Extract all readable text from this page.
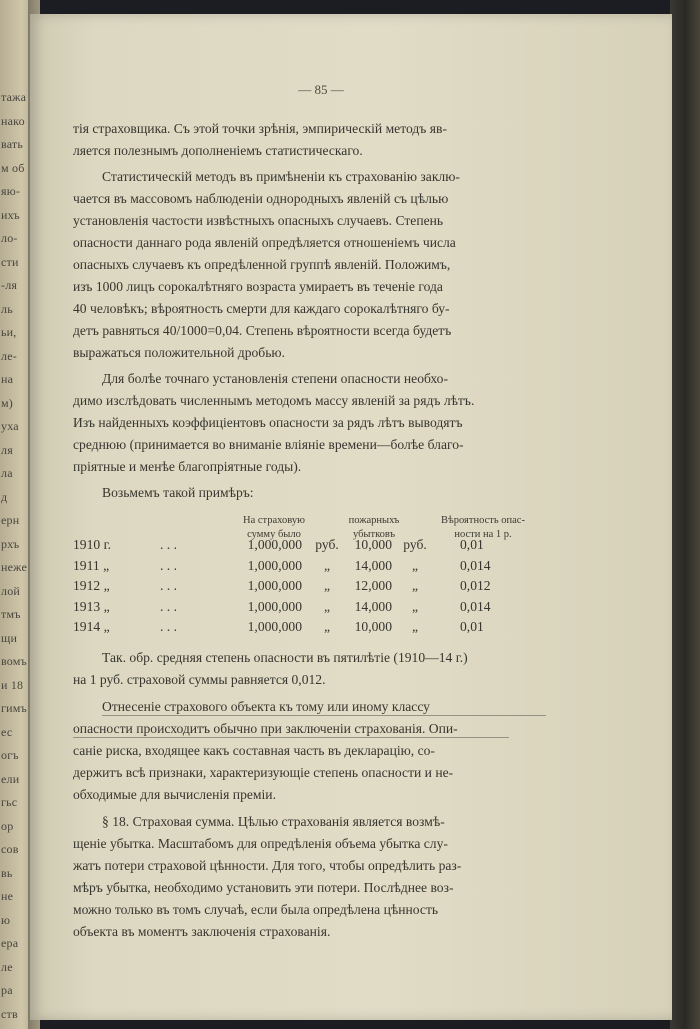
тажа
нако
вать
м об
яю-
ихъ
ло-
сти
-ля
ль
ьи,
ле-
на
м)
уха
ля
ла
д
ерн
рхъ
неже
лой
тмъ
щи
вомъ
и 18
гимъ
ес
огъ
ели
гьс
ор
сов
вь
не
ю
ера
ле
ра
ств
— 85 —
тія страховщика. Съ этой точки зрѣнія, эмпирическій методъ яв-
ляется полезнымъ дополненіемъ статистическаго.
Статистическій методъ въ примѣненіи къ страхованію заклю-
чается въ массовомъ наблюденіи однородныхъ явленій съ цѣлью
установленія частости извѣстныхъ опасныхъ случаевъ. Степень
опасности даннаго рода явленій опредѣляется отношеніемъ числа
опасныхъ случаевъ къ опредѣленной группѣ явленій. Положимъ,
изъ 1000 лицъ сорокалѣтняго возраста умираетъ въ теченіе года
40 человѣкъ; вѣроятность смерти для каждаго сорокалѣтняго бу-
детъ равняться 40/1000=0,04. Степень вѣроятности всегда будетъ
выражаться положительной дробью.
Для болѣе точнаго установленія степени опасности необхо-
димо изслѣдовать численнымъ методомъ массу явленій за рядъ лѣтъ.
Изъ найденныхъ коэффиціентовъ опасности за рядъ лѣтъ выводятъ
среднюю (принимается во вниманіе вліяніе времени—болѣе благо-
пріятные и менѣе благопріятные годы).
Возьмемъ такой примѣръ:
На страховую
сумму было
пожарныхъ
убытковъ
Вѣроятность опас-
ности на 1 р.
1910 г.	. . .	1,000,000 руб.	10,000 руб.	0,01
1911 „	. . .	1,000,000	„	14,000	„	0,014
1912 „	. . .	1,000,000	„	12,000	„	0,012
1913 „	. . .	1,000,000	„	14,000	„	0,014
1914 „	. . .	1,000,000	„	10,000	„	0,01
Так. обр. средняя степень опасности въ пятилѣтіе (1910—14 г.)
на 1 руб. страховой суммы равняется 0,012.
Отнесеніе страхового объекта къ тому или иному классу
опасности происходитъ обычно при заключеніи страхованія. Опи-
саніе риска, входящее какъ составная часть въ декларацію, со-
держитъ всѣ признаки, характеризующіе степень опасности и не-
обходимые для вычисленія преміи.
§ 18. Страховая сумма. Цѣлью страхованія является возмѣ-
щеніе убытка. Масштабомъ для опредѣленія объема убытка слу-
жатъ потери страховой цѣнности. Для того, чтобы опредѣлить раз-
мѣръ убытка, необходимо установить эти потери. Послѣднее воз-
можно только въ томъ случаѣ, если была опредѣлена цѣнность
объекта въ моментъ заключенія страхованія.
